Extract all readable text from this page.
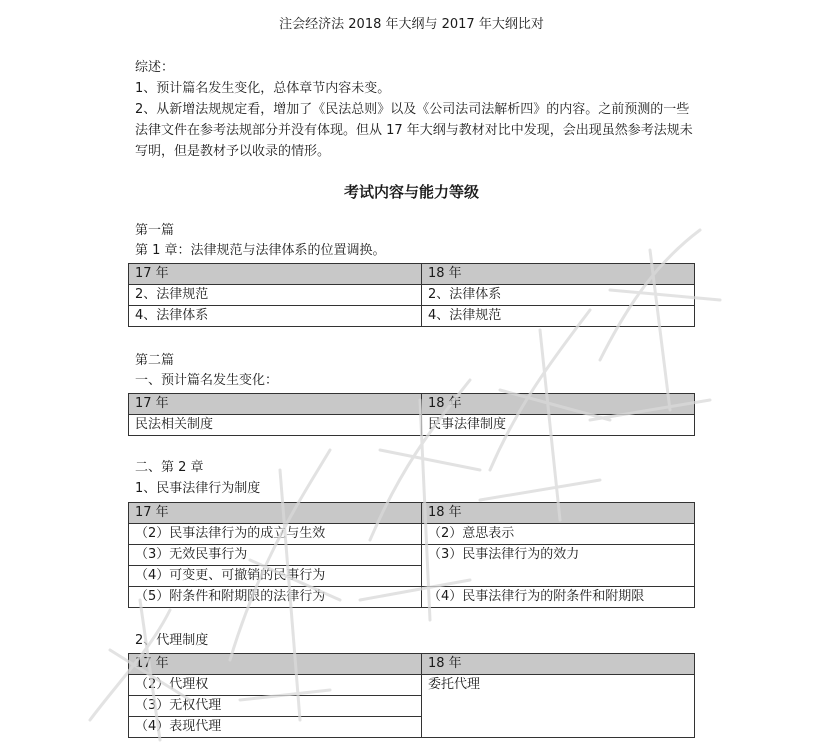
注会经济法 2018 年大纲与 2017 年大纲比对

综述：

1、预计篇名发生变化，总体章节内容未变。

2、从新增法规规定看，增加了《民法总则》以及《公司法司法解析四》的内容。之前预测的一些法律文件在参考法规部分并没有体现。但从 17 年大纲与教材对比中发现，会出现虽然参考法规未写明，但是教材予以收录的情形。

考试内容与能力等级
第一篇
第 1 章：法律规范与法律体系的位置调换。
17 年	18 年
2、法律规范	2、法律体系
4、法律体系	4、法律规范
第二篇
一、预计篇名发生变化：
17 年	18 年
民法相关制度	民事法律制度
二、第 2 章
1、民事法律行为制度
17 年	18 年
（2）民事法律行为的成立与生效	（2）意思表示
（3）无效民事行为	（3）民事法律行为的效力
（4）可变更、可撤销的民事行为	
（5）附条件和附期限的法律行为	（4）民事法律行为的附条件和附期限
2、代理制度
17 年	18 年
（2）代理权	委托代理
（3）无权代理	
（4）表现代理	
